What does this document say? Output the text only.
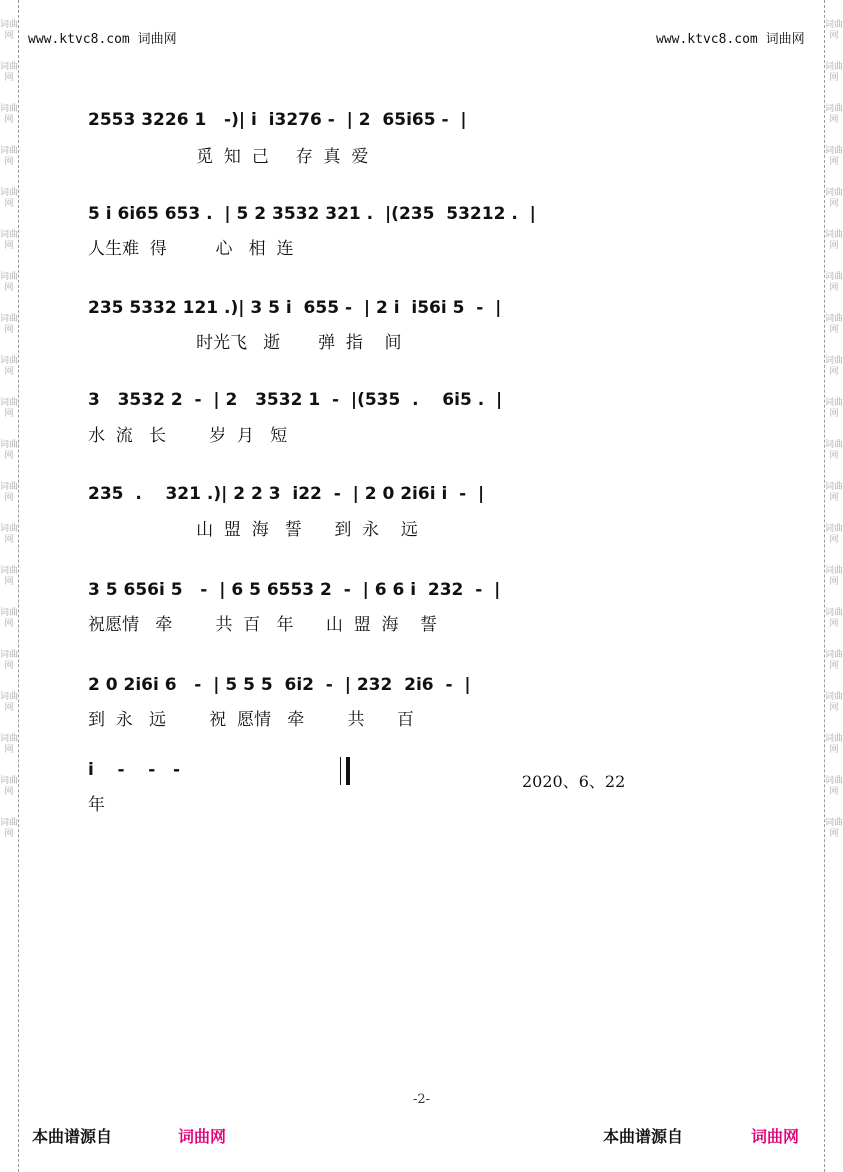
词曲网
词曲网
词曲网
词曲网
词曲网
词曲网
词曲网
词曲网
词曲网
词曲网
词曲网
词曲网
词曲网
词曲网
词曲网
词曲网
词曲网
词曲网
词曲网
词曲网
词曲网
词曲网
词曲网
词曲网
词曲网
词曲网
词曲网
词曲网
词曲网
词曲网
词曲网
词曲网
词曲网
词曲网
词曲网
词曲网
词曲网
词曲网
词曲网
词曲网
www.ktvc8.com 词曲网	www.ktvc8.com 词曲网
2553 3226 1   -)| i  i3276 -  | 2  65i65 -  |
觅  知  己     存  真  爱
5 i 6i65 653 .  | 5 2 3532 321 .  |(235  53212 .  |
人生难  得         心   相  连
235 5332 121 .)| 3 5 i  655 -  | 2 i  i56i 5  -  |
时光飞   逝       弹  指    间
3   3532 2  -  | 2   3532 1  -  |(535  .    6i5 .  |
水  流   长        岁  月   短
235  .    321 .)| 2 2 3  i22  -  | 2 0 2i6i i  -  |
山  盟  海   誓      到  永    远
3 5 656i 5   -  | 6 5 6553 2  -  | 6 6 i  232  -  |
祝愿情   牵        共  百   年      山  盟  海    誓
2 0 2i6i 6   -  | 5 5 5  6i2  -  | 232  2i6  -  |
到  永   远        祝  愿情   牵        共      百
i    -    -   -
年
2020、6、22
-2-
本曲谱源自	词曲网	本曲谱源自	词曲网
